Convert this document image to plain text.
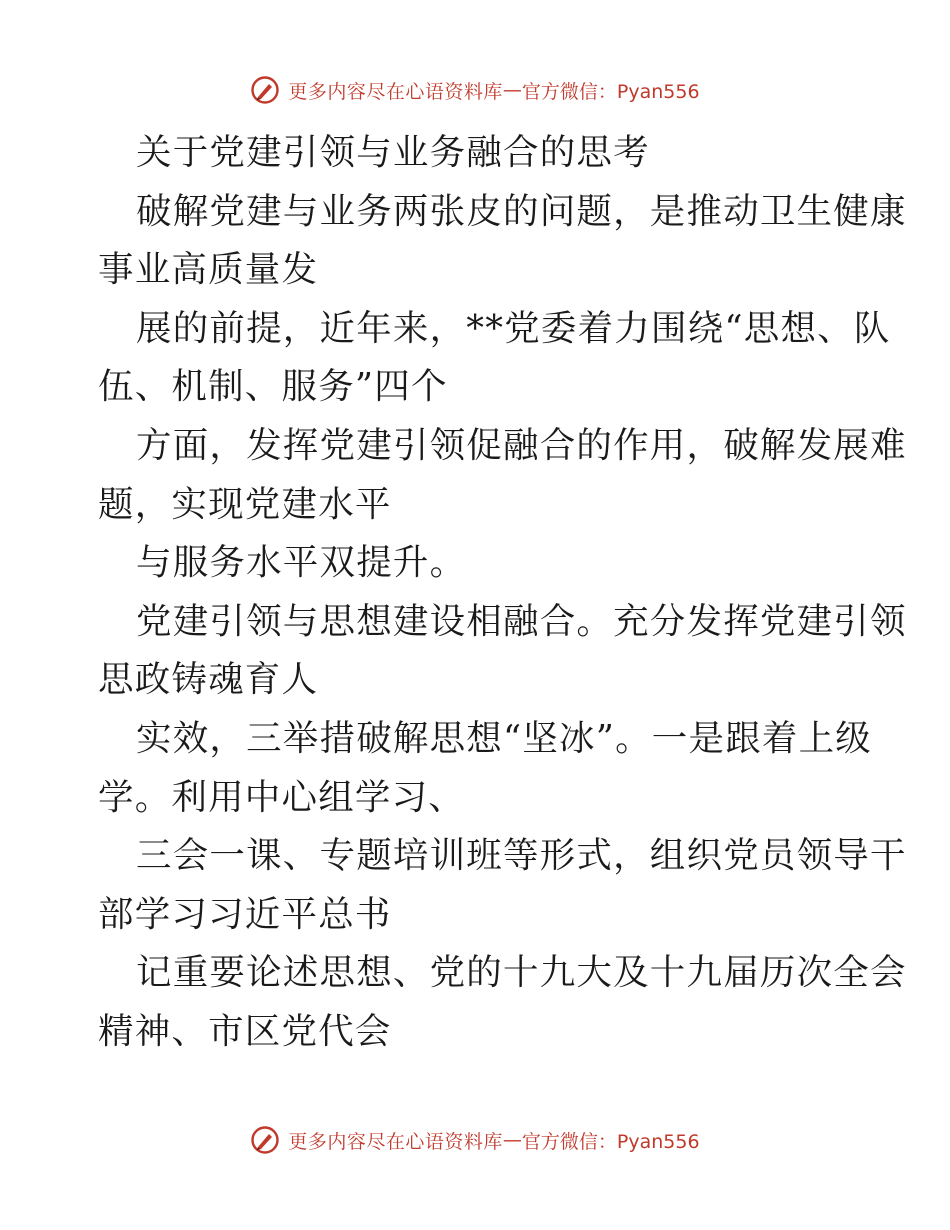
更多内容尽在心语资料库 — 官方微信：Pyan556
关于党建引领与业务融合的思考
破解党建与业务两张皮的问题，是推动卫生健康
事业高质量发
展的前提，近年来，**党委着力围绕“思想、队
伍、机制、服务”四个
方面，发挥党建引领促融合的作用，破解发展难
题，实现党建水平
与服务水平双提升。
党建引领与思想建设相融合。充分发挥党建引领
思政铸魂育人
实效，三举措破解思想“坚冰”。一是跟着上级
学。利用中心组学习、
三会一课、专题培训班等形式，组织党员领导干
部学习习近平总书
记重要论述思想、党的十九大及十九届历次全会
精神、市区党代会
更多内容尽在心语资料库 — 官方微信：Pyan556
